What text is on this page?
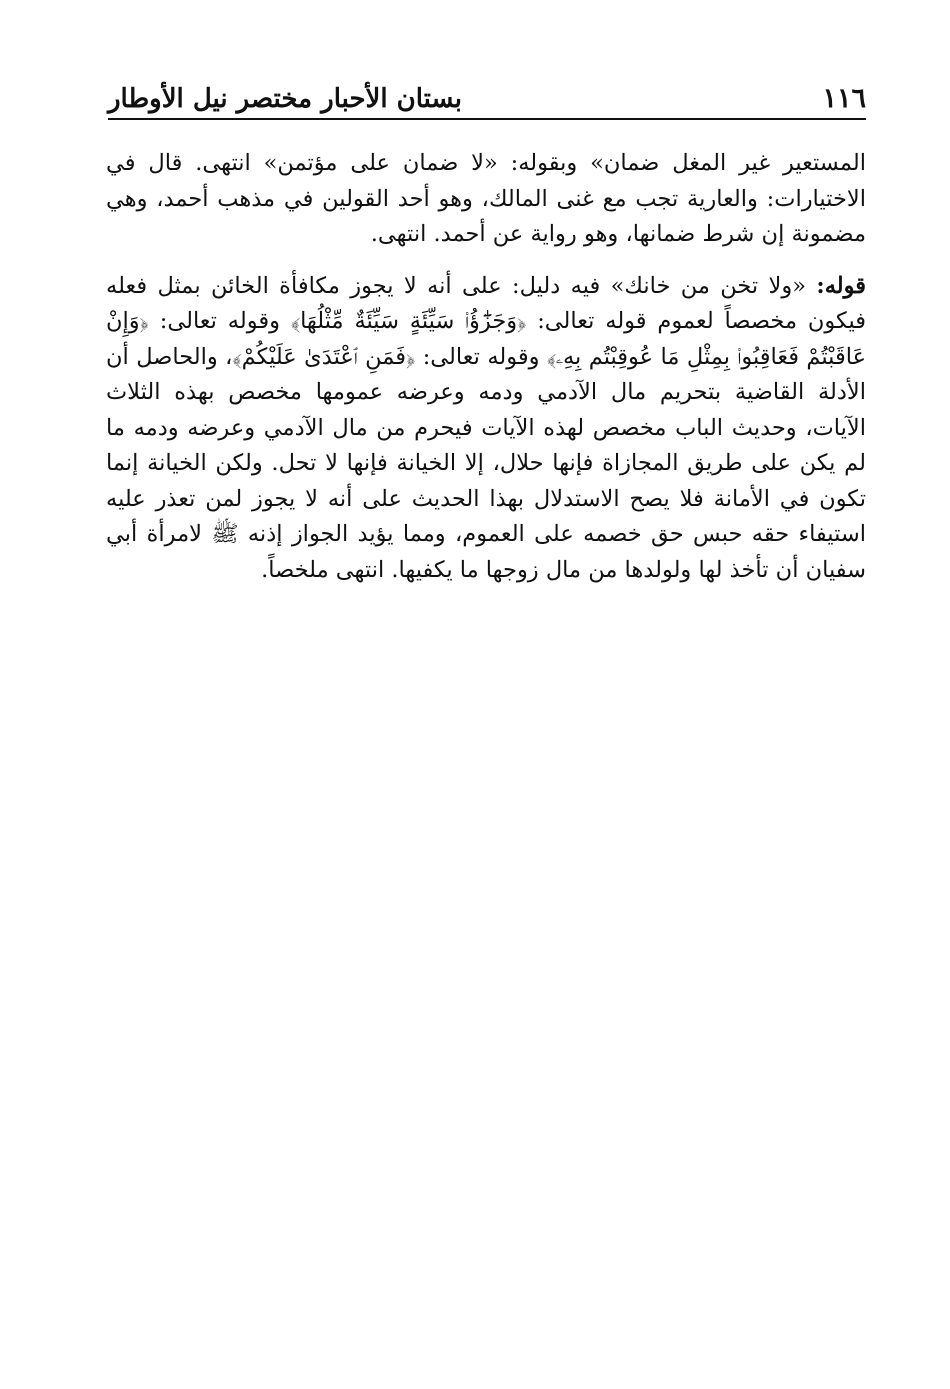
١١٦
بستان الأحبار مختصر نيل الأوطار

المستعير غير المغل ضمان» وبقوله: «لا ضمان على مؤتمن» انتهى. قال في الاختيارات: والعارية تجب مع غنى المالك، وهو أحد القولين في مذهب أحمد، وهي مضمونة إن شرط ضمانها، وهو رواية عن أحمد. انتهى.

قوله: «ولا تخن من خانك» فيه دليل: على أنه لا يجوز مكافأة الخائن بمثل فعله فيكون مخصصاً لعموم قوله تعالى: ﴿وَجَزَٰٓؤُا۟ سَيِّئَةٍ سَيِّئَةٌ مِّثْلُهَا﴾ وقوله تعالى: ﴿وَإِنْ عَاقَبْتُمْ فَعَاقِبُوا۟ بِمِثْلِ مَا عُوقِبْتُم بِهِۦ﴾ وقوله تعالى: ﴿فَمَنِ ٱعْتَدَىٰ عَلَيْكُمْ﴾، والحاصل أن الأدلة القاضية بتحريم مال الآدمي ودمه وعرضه عمومها مخصص بهذه الثلاث الآيات، وحديث الباب مخصص لهذه الآيات فيحرم من مال الآدمي وعرضه ودمه ما لم يكن على طريق المجازاة فإنها حلال، إلا الخيانة فإنها لا تحل. ولكن الخيانة إنما تكون في الأمانة فلا يصح الاستدلال بهذا الحديث على أنه لا يجوز لمن تعذر عليه استيفاء حقه حبس حق خصمه على العموم، ومما يؤيد الجواز إذنه ﷺ لامرأة أبي سفيان أن تأخذ لها ولولدها من مال زوجها ما يكفيها. انتهى ملخصاً.
